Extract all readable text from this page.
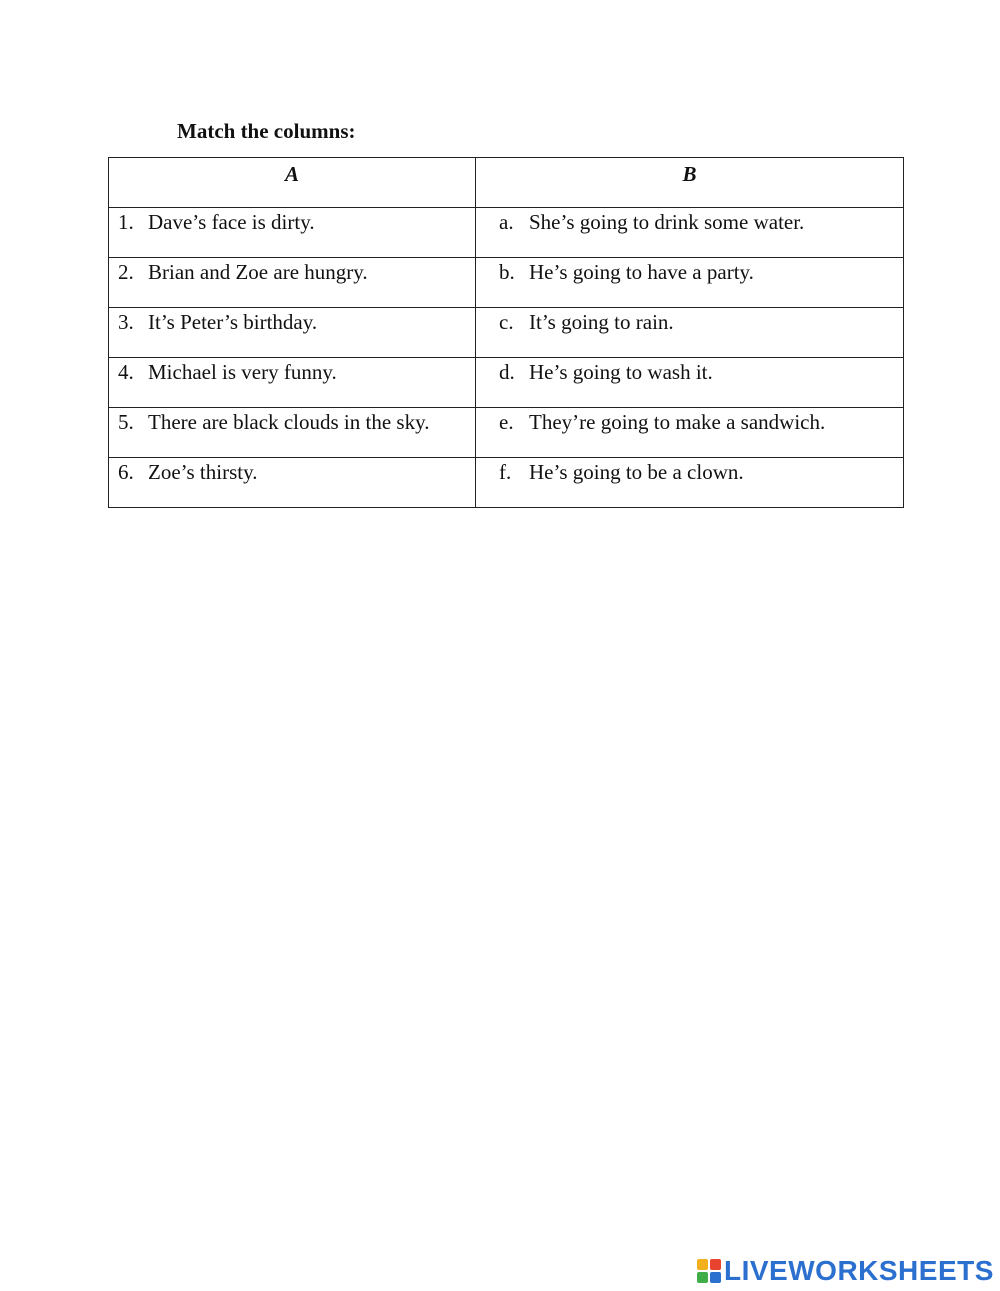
Match the columns:
A	B

1. Dave’s face is dirty.	a. She’s going to drink some water.

2. Brian and Zoe are hungry.	b. He’s going to have a party.

3. It’s Peter’s birthday.	c. It’s going to rain.

4. Michael is very funny.	d. He’s going to wash it.

5. There are black clouds in the sky.	e. They’re going to make a sandwich.

6. Zoe’s thirsty.	f. He’s going to be a clown.
LIVEWORKSHEETS
